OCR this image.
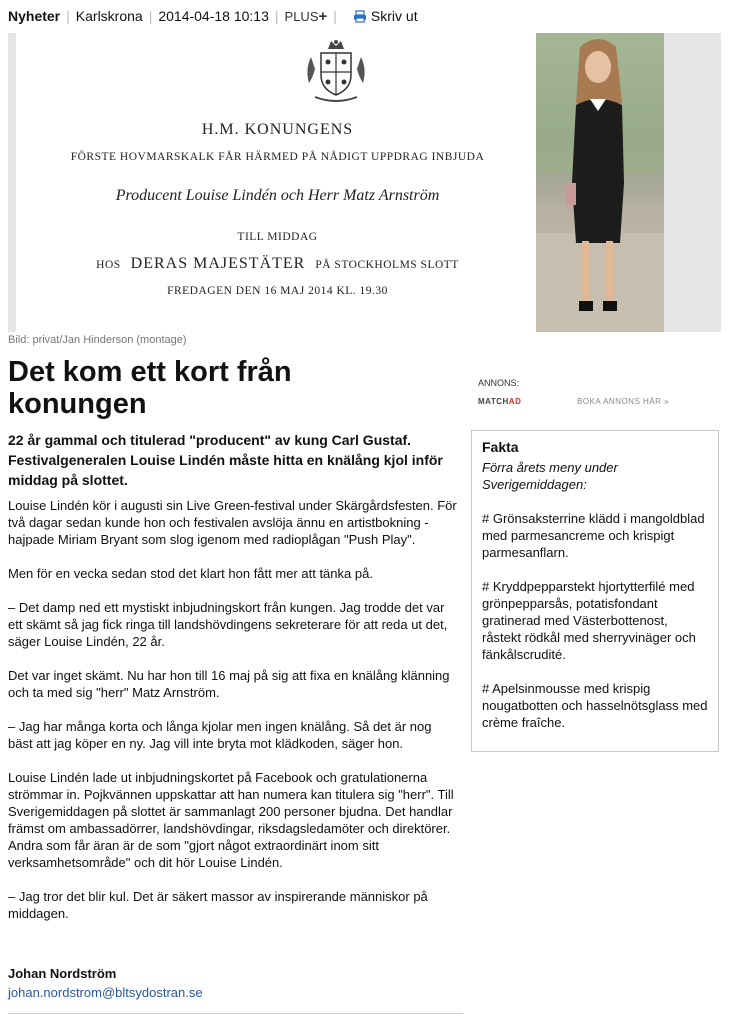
Nyheter | Karlskrona | 2014-04-18 10:13 | PLUS+ | Skriv ut
H.M. KONUNGENS
FÖRSTE HOVMARSKALK FÅR HÄRMED PÅ NÅDIGT UPPDRAG INBJUDA
Producent Louise Lindén och Herr Matz Arnström
TILL MIDDAG
HOS DERAS MAJESTÄTER PÅ STOCKHOLMS SLOTT
FREDAGEN DEN 16 MAJ 2014 KL. 19.30
Bild: privat/Jan Hinderson (montage)
Det kom ett kort från konungen

22 år gammal och titulerad "producent" av kung Carl Gustaf. Festivalgeneralen Louise Lindén måste hitta en knälång kjol inför middag på slottet.

Louise Lindén kör i augusti sin Live Green-festival under Skärgårdsfesten. För två dagar sedan kunde hon och festivalen avslöja ännu en artistbokning - hajpade Miriam Bryant som slog igenom med radioplågan "Push Play".

Men för en vecka sedan stod det klart hon fått mer att tänka på.

– Det damp ned ett mystiskt inbjudningskort från kungen. Jag trodde det var ett skämt så jag fick ringa till landshövdingens sekreterare för att reda ut det, säger Louise Lindén, 22 år.

Det var inget skämt. Nu har hon till 16 maj på sig att fixa en knälång klänning och ta med sig "herr" Matz Arnström.

– Jag har många korta och långa kjolar men ingen knälång. Så det är nog bäst att jag köper en ny. Jag vill inte bryta mot klädkoden, säger hon.

Louise Lindén lade ut inbjudningskortet på Facebook och gratulationerna strömmar in. Pojkvännen uppskattar att han numera kan titulera sig "herr". Till Sverigemiddagen på slottet är sammanlagt 200 personer bjudna. Det handlar främst om ambassadörrer, landshövdingar, riksdagsledamöter och direktörer. Andra som får äran är de som "gjort något extraordinärt inom sitt verksamhetsområde" och dit hör Louise Lindén.

– Jag tror det blir kul. Det är säkert massor av inspirerande människor på middagen.

Johan Nordström
johan.nordstrom@bltsydostran.se
ANNONS:
MATCHAD	BOKA ANNONS HÄR »
Fakta

Förra årets meny under Sverigemiddagen:

# Grönsaksterrine klädd i mangoldblad med parmesancreme och krispigt parmesanflarn.

# Kryddpepparstekt hjortytterfilé med grönpepparsås, potatisfondant gratinerad med Västerbottenost, råstekt rödkål med sherryvinäger och fänkålscrudité.

# Apelsinmousse med krispig nougatbotten och hasselnötsglass med crème fraîche.
